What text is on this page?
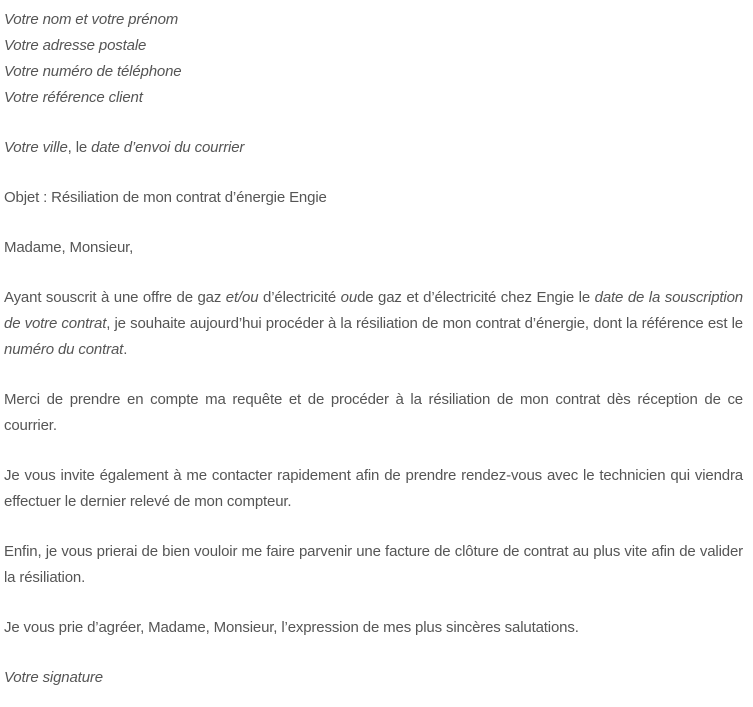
Votre nom et votre prénom
Votre adresse postale
Votre numéro de téléphone
Votre référence client

Votre ville, le date d’envoi du courrier

Objet : Résiliation de mon contrat d’énergie Engie

Madame, Monsieur,

Ayant souscrit à une offre de gaz et/ou d’électricité oude gaz et d’électricité chez Engie le date de la souscription de votre contrat, je souhaite aujourd’hui procéder à la résiliation de mon contrat d’énergie, dont la référence est le numéro du contrat.

Merci de prendre en compte ma requête et de procéder à la résiliation de mon contrat dès réception de ce courrier.

Je vous invite également à me contacter rapidement afin de prendre rendez-vous avec le technicien qui viendra effectuer le dernier relevé de mon compteur.

Enfin, je vous prierai de bien vouloir me faire parvenir une facture de clôture de contrat au plus vite afin de valider la résiliation.

Je vous prie d’agréer, Madame, Monsieur, l’expression de mes plus sincères salutations.

Votre signature
